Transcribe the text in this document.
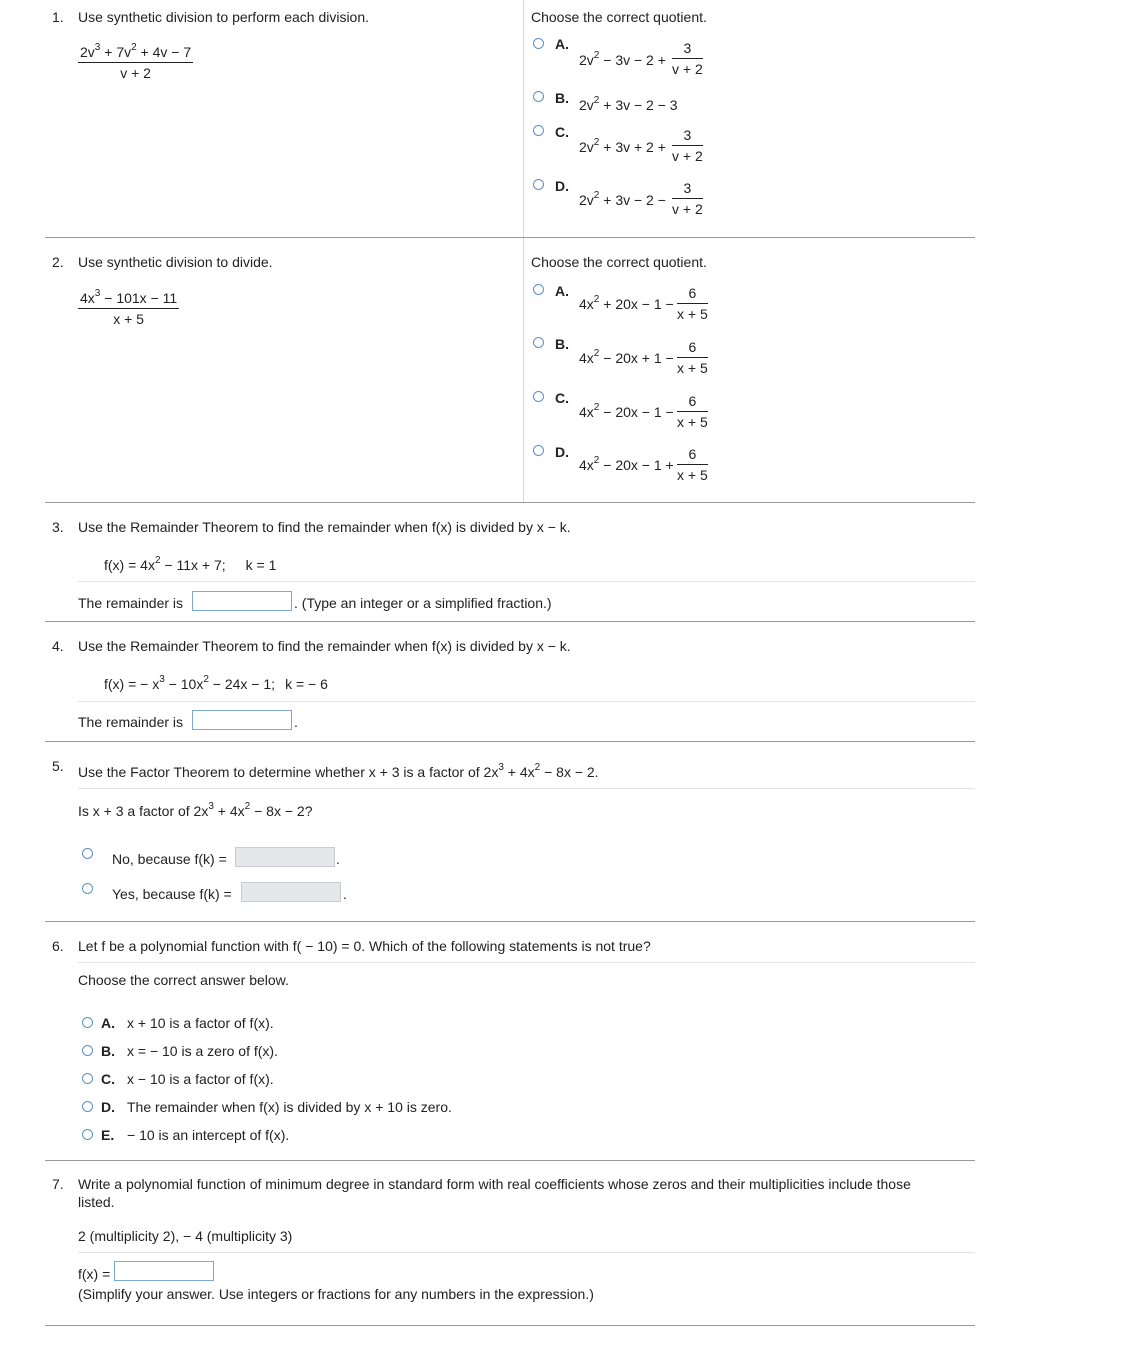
1. Use synthetic division to perform each division.
$\frac{2v^3 + 7v^2 + 4v - 7}{v + 2}$
Choose the correct quotient.
A.
$2v^2 - 3v - 2 + \frac{3}{v + 2}$
B. $2v^2 + 3v - 2 - 3$
C.
$2v^2 + 3v + 2 + \frac{3}{v + 2}$
D.
$2v^2 + 3v - 2 - \frac{3}{v + 2}$
2. Use synthetic division to divide.
$\frac{4x^3 - 101x - 11}{x + 5}$
Choose the correct quotient.
A.
$4x^2 + 20x - 1 - \frac{6}{x + 5}$
B.
$4x^2 - 20x + 1 - \frac{6}{x + 5}$
C.
$4x^2 - 20x - 1 - \frac{6}{x + 5}$
D.
$4x^2 - 20x - 1 + \frac{6}{x + 5}$
3. Use the Remainder Theorem to find the remainder when f(x) is divided by x − k.
$f(x) = 4x^2 - 11x + 7$; k = 1
The remainder is	. (Type an integer or a simplified fraction.)
4. Use the Remainder Theorem to find the remainder when f(x) is divided by x − k.
f(x) = − $x^3 - 10x^2 - 24x - 1$; k = − 6
The remainder is	.
5. Use the Factor Theorem to determine whether x + 3 is a factor of $2x^3 + 4x^2 - 8x - 2$.
Is x + 3 a factor of $2x^3 + 4x^2 - 8x - 2$?
No, because f(k) =	.
Yes, because f(k) =	.
6. Let f be a polynomial function with f( − 10) = 0. Which of the following statements is not true?
Choose the correct answer below.
A. x + 10 is a factor of f(x).
B. x = − 10 is a zero of f(x).
C. x − 10 is a factor of f(x).
D. The remainder when f(x) is divided by x + 10 is zero.
E. − 10 is an intercept of f(x).
7. Write a polynomial function of minimum degree in standard form with real coefficients whose zeros and their multiplicities include those
listed.
2 (multiplicity 2), − 4 (multiplicity 3)
f(x) =
(Simplify your answer. Use integers or fractions for any numbers in the expression.)
